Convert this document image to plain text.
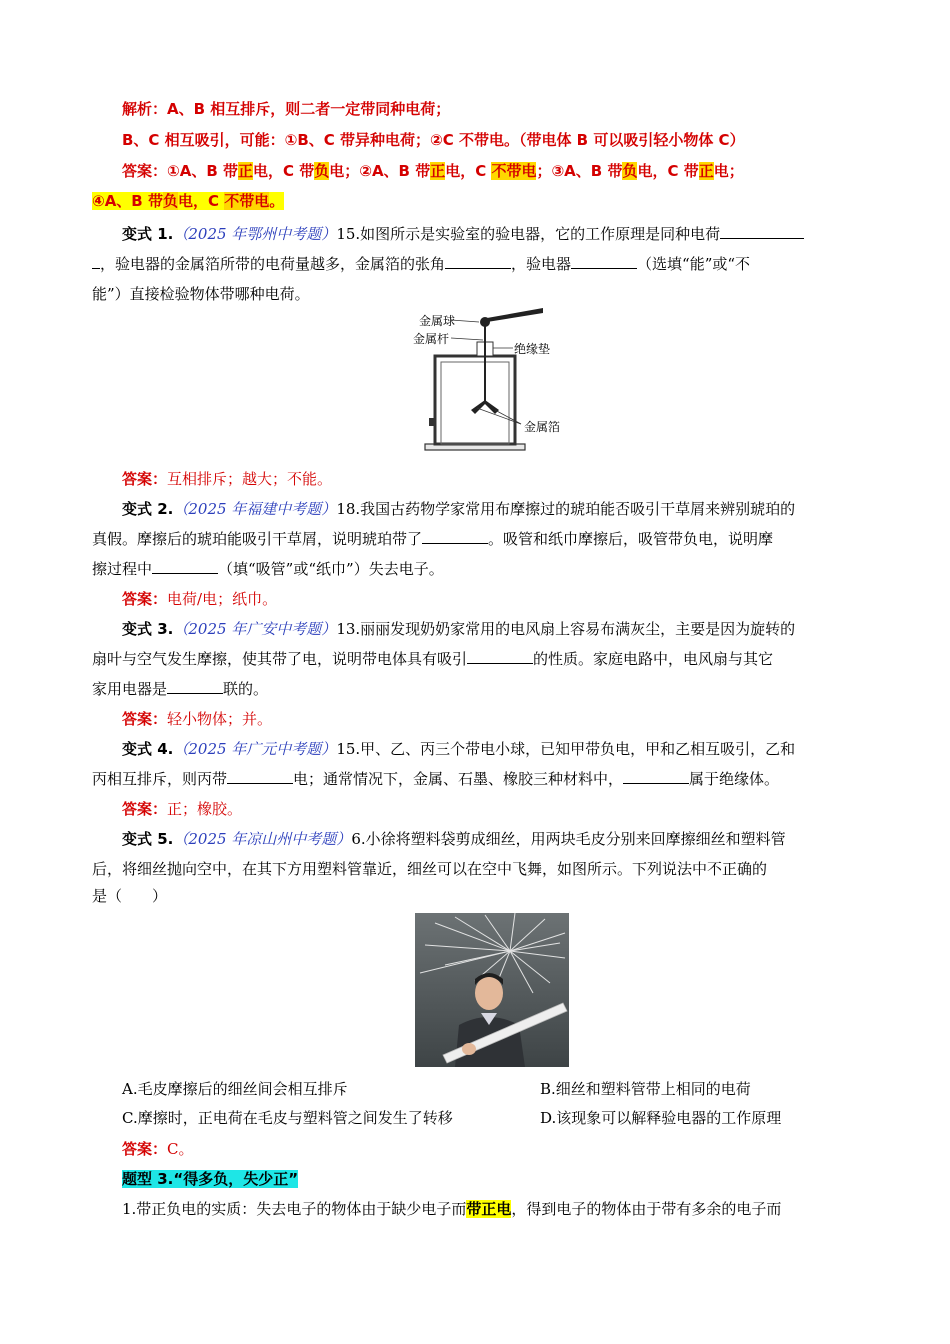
解析：A、B 相互排斥，则二者一定带同种电荷；
B、C 相互吸引，可能：①B、C 带异种电荷；②C 不带电。（带电体 B 可以吸引轻小物体 C）
答案：①A、B 带正电，C 带负电；②A、B 带正电，C 不带电；③A、B 带负电，C 带正电；
④A、B 带负电，C 不带电。
变式 1.（2025 年鄂州中考题）15.如图所示是实验室的验电器，它的工作原理是同种电荷
，验电器的金属箔所带的电荷量越多，金属箔的张角	，验电器	（选填“能”或“不
能”）直接检验物体带哪种电荷。
金属球
金属杆
绝缘垫
金属箔
答案：互相排斥；越大；不能。
变式 2.（2025 年福建中考题）18.我国古药物学家常用布摩擦过的琥珀能否吸引干草屑来辨别琥珀的
真假。摩擦后的琥珀能吸引干草屑，说明琥珀带了	。吸管和纸巾摩擦后，吸管带负电，说明摩
擦过程中	（填“吸管”或“纸巾”）失去电子。
答案：电荷/电；纸巾。
变式 3.（2025 年广安中考题）13.丽丽发现奶奶家常用的电风扇上容易布满灰尘，主要是因为旋转的
扇叶与空气发生摩擦，使其带了电，说明带电体具有吸引	的性质。家庭电路中，电风扇与其它
家用电器是	联的。
答案：轻小物体；并。
变式 4.（2025 年广元中考题）15.甲、乙、丙三个带电小球，已知甲带负电，甲和乙相互吸引，乙和
丙相互排斥，则丙带	电；通常情况下，金属、石墨、橡胶三种材料中，	属于绝缘体。
答案：正；橡胶。
变式 5.（2025 年凉山州中考题）6.小徐将塑料袋剪成细丝，用两块毛皮分别来回摩擦细丝和塑料管
后，将细丝抛向空中，在其下方用塑料管靠近，细丝可以在空中飞舞，如图所示。下列说法中不正确的
是（　　）
A.毛皮摩擦后的细丝间会相互排斥	B.细丝和塑料管带上相同的电荷
C.摩擦时，正电荷在毛皮与塑料管之间发生了转移	D.该现象可以解释验电器的工作原理
答案：C。
题型 3.“得多负，失少正”
1.带正负电的实质：失去电子的物体由于缺少电子而带正电，得到电子的物体由于带有多余的电子而
